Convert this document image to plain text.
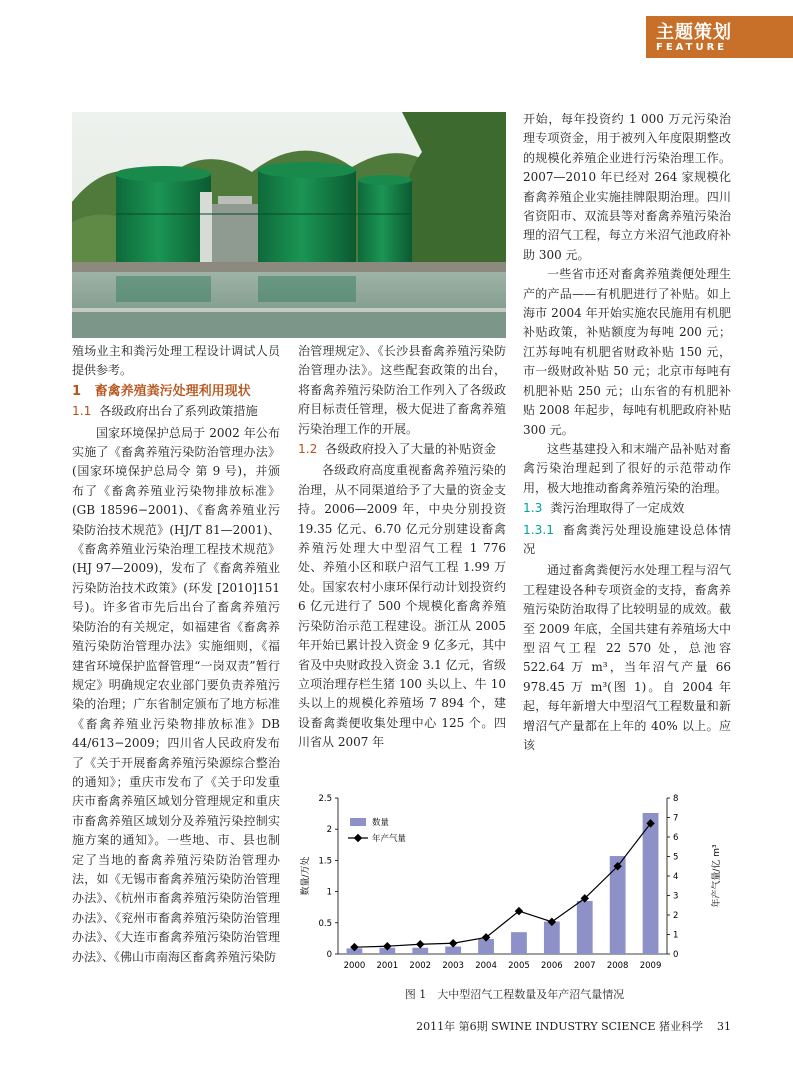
主题策划
FEATURE

殖场业主和粪污处理工程设计调试人员提供参考。

1 畜禽养殖粪污处理利用现状
1.1 各级政府出台了系列政策措施

国家环境保护总局于 2002 年公布实施了《畜禽养殖污染防治管理办法》(国家环境保护总局令 第 9 号)，并颁布了《畜禽养殖业污染物排放标准》(GB 18596−2001)、《畜禽养殖业污染防治技术规范》(HJ/T 81—2001)、《畜禽养殖业污染治理工程技术规范》(HJ 97—2009)，发布了《畜禽养殖业污染防治技术政策》(环发 [2010]151 号)。许多省市先后出台了畜禽养殖污染防治的有关规定，如福建省《畜禽养殖污染防治管理办法》实施细则，《福建省环境保护监督管理“一岗双责”暂行规定》明确规定农业部门要负责养殖污染的治理；广东省制定颁布了地方标准《畜禽养殖业污染物排放标准》DB 44/613−2009；四川省人民政府发布了《关于开展畜禽养殖污染源综合整治的通知》；重庆市发布了《关于印发重庆市畜禽养殖区域划分管理规定和重庆市畜禽养殖区域划分及养殖污染控制实施方案的通知》。一些地、市、县也制定了当地的畜禽养殖污染防治管理办法，如《无锡市畜禽养殖污染防治管理办法》、《杭州市畜禽养殖污染防治管理办法》、《兖州市畜禽养殖污染防治管理办法》、《大连市畜禽养殖污染防治管理办法》、《佛山市南海区畜禽养殖污染防

治管理规定》、《长沙县畜禽养殖污染防治管理办法》。这些配套政策的出台，将畜禽养殖污染防治工作列入了各级政府目标责任管理，极大促进了畜禽养殖污染治理工作的开展。

1.2 各级政府投入了大量的补贴资金

各级政府高度重视畜禽养殖污染的治理，从不同渠道给予了大量的资金支持。2006—2009 年，中央分别投资 19.35 亿元、6.70 亿元分别建设畜禽养殖污处理大中型沼气工程 1 776 处、养殖小区和联户沼气工程 1.99 万处。国家农村小康环保行动计划投资约 6 亿元进行了 500 个规模化畜禽养殖污染防治示范工程建设。浙江从 2005 年开始已累计投入资金 9 亿多元，其中省及中央财政投入资金 3.1 亿元，省级立项治理存栏生猪 100 头以上、牛 10 头以上的规模化养殖场 7 894 个，建设畜禽粪便收集处理中心 125 个。四川省从 2007 年

开始，每年投资约 1 000 万元污染治理专项资金，用于被列入年度限期整改的规模化养殖企业进行污染治理工作。2007—2010 年已经对 264 家规模化畜禽养殖企业实施挂牌限期治理。四川省资阳市、双流县等对畜禽养殖污染治理的沼气工程，每立方米沼气池政府补助 300 元。

一些省市还对畜禽养殖粪便处理生产的产品——有机肥进行了补贴。如上海市 2004 年开始实施农民施用有机肥补贴政策，补贴额度为每吨 200 元；江苏每吨有机肥省财政补贴 150 元，市一级财政补贴 50 元；北京市每吨有机肥补贴 250 元；山东省的有机肥补贴 2008 年起步，每吨有机肥政府补贴 300 元。

这些基建投入和末端产品补贴对畜禽污染治理起到了很好的示范带动作用，极大地推动畜禽养殖污染的治理。

1.3 粪污治理取得了一定成效
1.3.1 畜禽粪污处理设施建设总体情况

通过畜禽粪便污水处理工程与沼气工程建设各种专项资金的支持，畜禽养殖污染防治取得了比较明显的成效。截至 2009 年底，全国共建有养殖场大中型沼气工程 22 570 处，总池容 522.64 万 m³，当年沼气产量 66 978.45 万 m³(图 1)。自 2004 年起，每年新增大中型沼气工程数量和新增沼气产量都在上年的 40% 以上。应该

0
0.5
1
1.5
2
2.5
0
1
2
3
4
5
6
7
8
2000 2001 2002 2003 2004 2005 2006 2007 2008 2009
数量
年产气量
数量/万处	年产气量/亿 m³
图 1　大中型沼气工程数量及年产沼气量情况
2011年 第6期 SWINE INDUSTRY SCIENCE 猪业科学 31
